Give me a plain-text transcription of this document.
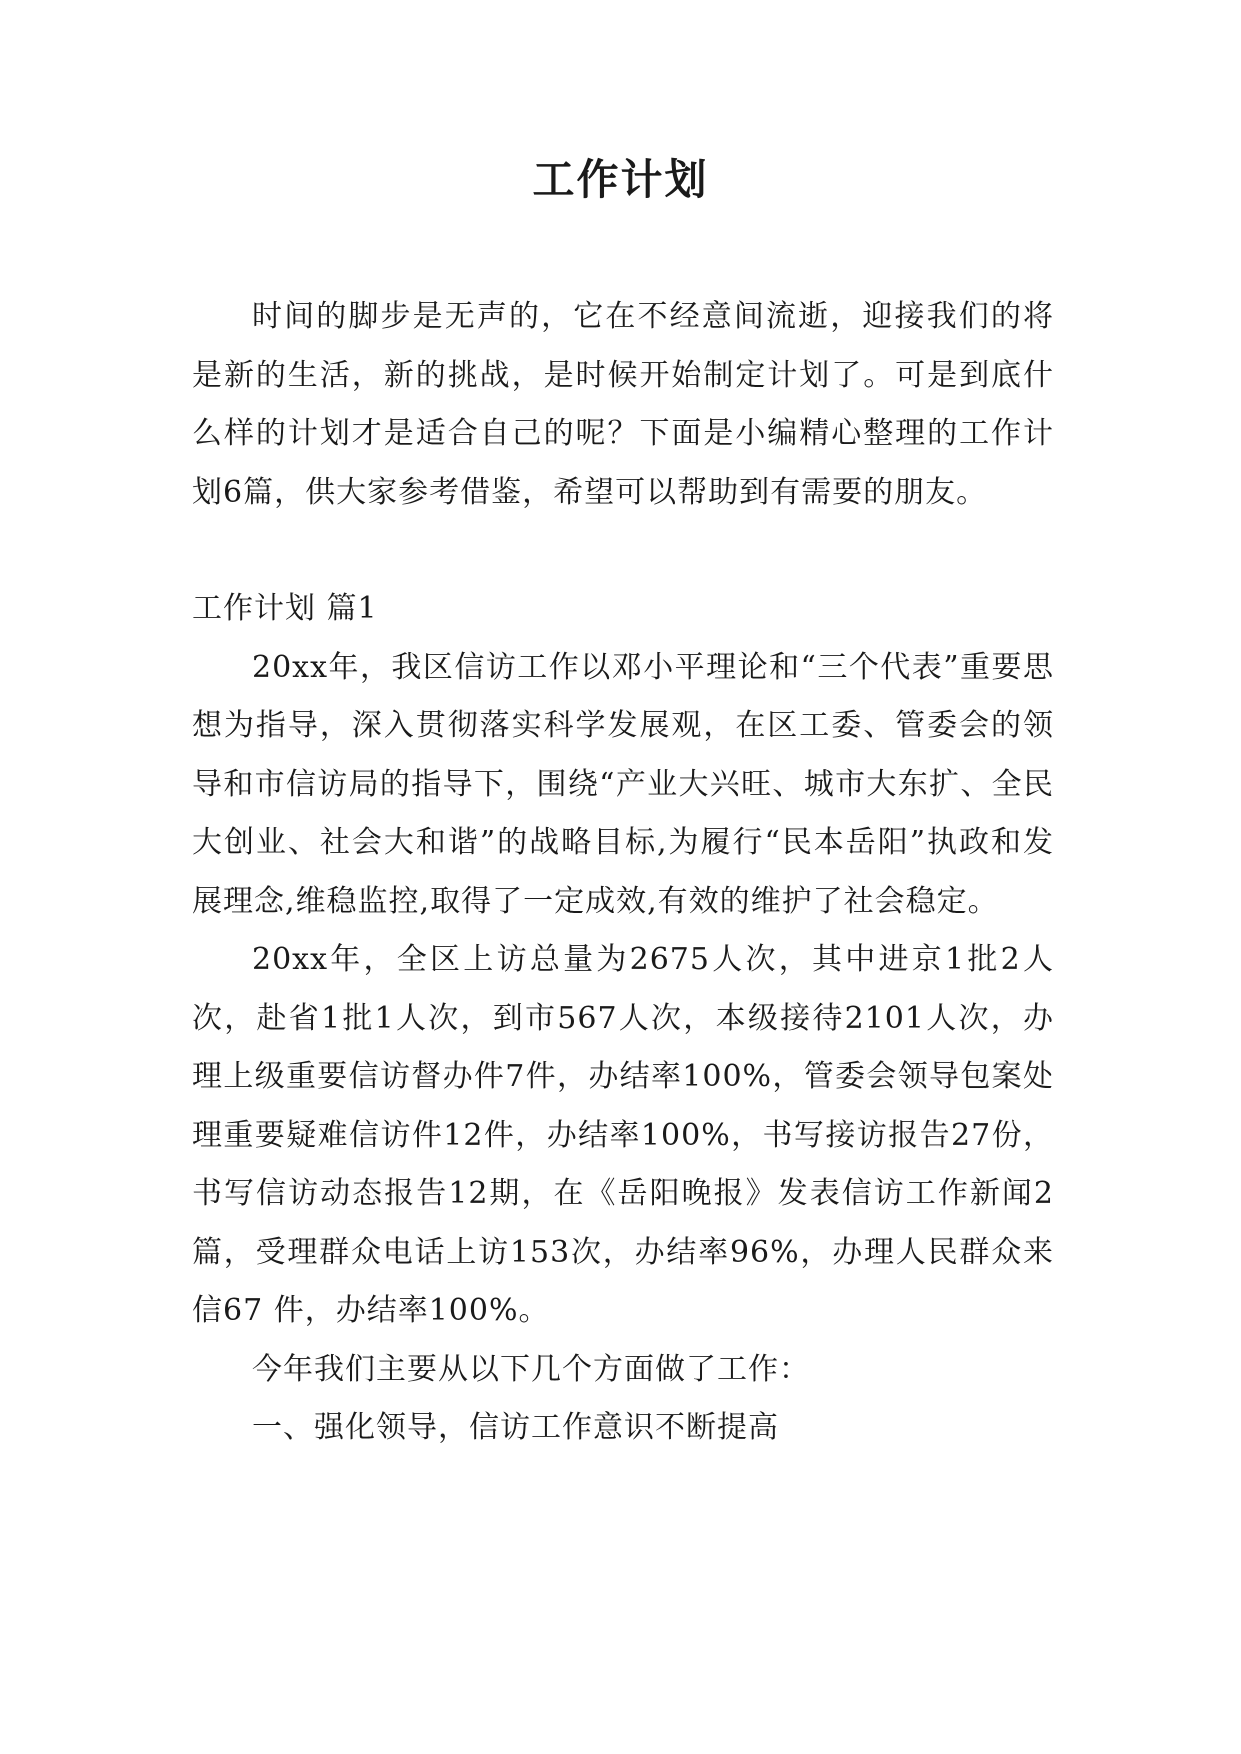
工作计划

时间的脚步是无声的，它在不经意间流逝，迎接我们的将是新的生活，新的挑战，是时候开始制定计划了。可是到底什么样的计划才是适合自己的呢？下面是小编精心整理的工作计划6篇，供大家参考借鉴，希望可以帮助到有需要的朋友。

工作计划 篇1

20xx年，我区信访工作以邓小平理论和“三个代表”重要思想为指导，深入贯彻落实科学发展观，在区工委、管委会的领导和市信访局的指导下，围绕“产业大兴旺、城市大东扩、全民大创业、社会大和谐”的战略目标,为履行“民本岳阳”执政和发展理念,维稳监控,取得了一定成效,有效的维护了社会稳定。

20xx年，全区上访总量为2675人次，其中进京1批2人次，赴省1批1人次，到市567人次，本级接待2101人次，办理上级重要信访督办件7件，办结率100%，管委会领导包案处理重要疑难信访件12件，办结率100%，书写接访报告27份，书写信访动态报告12期，在《岳阳晚报》发表信访工作新闻2篇，受理群众电话上访153次，办结率96%，办理人民群众来信67 件，办结率100%。

今年我们主要从以下几个方面做了工作：

一、强化领导，信访工作意识不断提高
